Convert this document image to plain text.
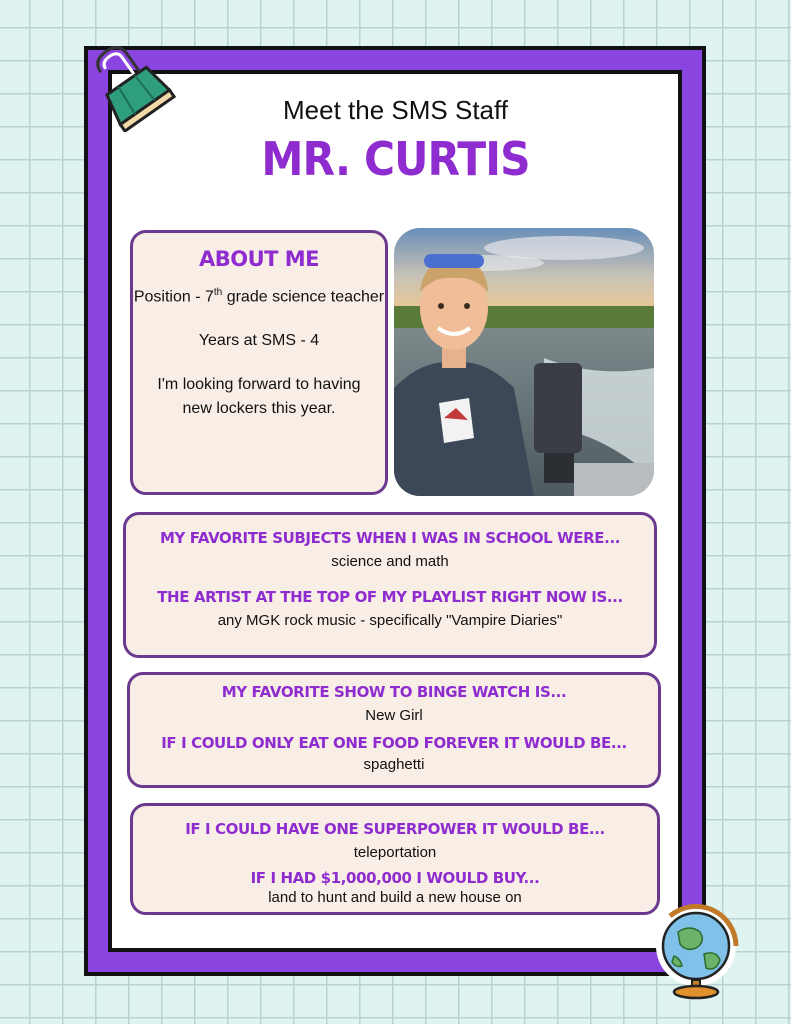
Meet the SMS Staff
MR. CURTIS
ABOUT ME

Position - 7th grade science teacher

Years at SMS - 4

I'm looking forward to having new lockers this year.

MY FAVORITE SUBJECTS WHEN I WAS IN SCHOOL WERE...
science and math
THE ARTIST AT THE TOP OF MY PLAYLIST RIGHT NOW IS...
any MGK rock music - specifically "Vampire Diaries"
MY FAVORITE SHOW TO BINGE WATCH IS...
New Girl
IF I COULD ONLY EAT ONE FOOD FOREVER IT WOULD BE...
spaghetti
IF I COULD HAVE ONE SUPERPOWER IT WOULD BE...
teleportation
IF I HAD $1,000,000 I WOULD BUY...
land to hunt and build a new house on
